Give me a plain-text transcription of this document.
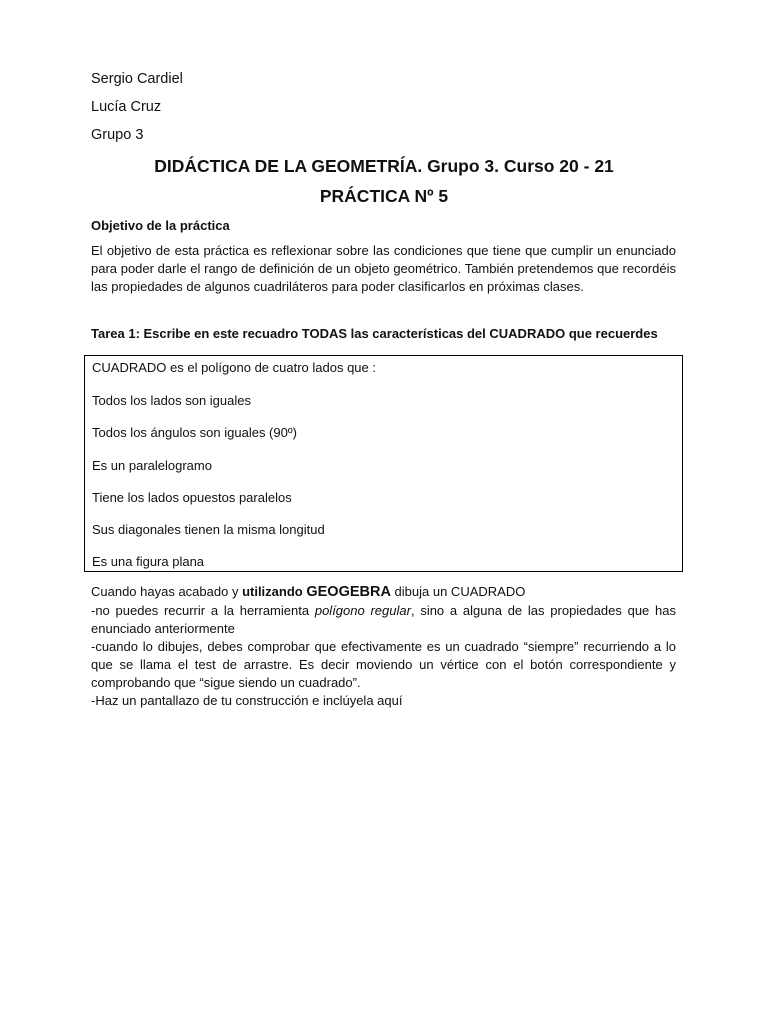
Sergio Cardiel
Lucía Cruz
Grupo 3
DIDÁCTICA DE LA GEOMETRÍA. Grupo 3. Curso 20 - 21
PRÁCTICA Nº 5
Objetivo de la práctica
El objetivo de esta práctica es reflexionar sobre las condiciones que tiene que cumplir un enunciado para poder darle el rango de definición de un objeto geométrico. También pretendemos que recordéis las propiedades de algunos cuadriláteros para poder clasificarlos en próximas clases.
Tarea 1: Escribe en este recuadro TODAS las características del CUADRADO que recuerdes
CUADRADO es el polígono de cuatro lados que :
Todos los lados son iguales
Todos los ángulos son iguales (90º)
Es un paralelogramo
Tiene los lados opuestos paralelos
Sus diagonales tienen la misma longitud
Es una figura plana
Cuando hayas acabado y utilizando GEOGEBRA dibuja un CUADRADO
-no puedes recurrir a la herramienta polígono regular, sino a alguna de las propiedades que has enunciado anteriormente
-cuando lo dibujes, debes comprobar que efectivamente es un cuadrado “siempre” recurriendo a lo que se llama el test de arrastre. Es decir moviendo un vértice con el botón correspondiente y comprobando que “sigue siendo un cuadrado”.
-Haz un pantallazo de tu construcción e inclúyela aquí
